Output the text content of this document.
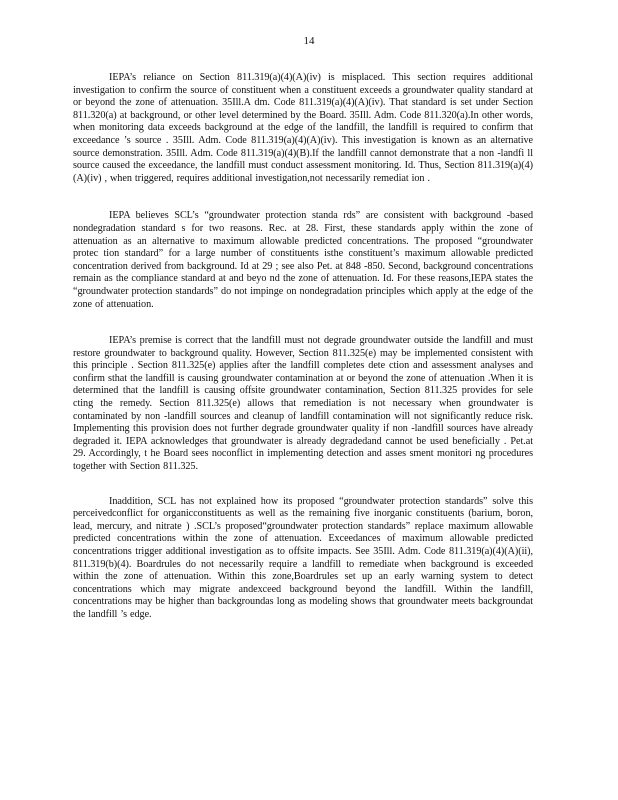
14

IEPA’s reliance on Section 811.319(a)(4)(A)(iv) is misplaced. This section requires additional investigation to confirm the source of constituent when a constituent exceeds a groundwater quality standard at or beyond the zone of attenuation. 35Ill.A dm. Code 811.319(a)(4)(A)(iv). That standard is set under Section 811.320(a) at background, or other level determined by the Board. 35Ill. Adm. Code 811.320(a).In other words, when monitoring data exceeds background at the edge of the landfill, the landfill is required to confirm that exceedance ’s source . 35Ill. Adm. Code 811.319(a)(4)(A)(iv). This investigation is known as an alternative source demonstration. 35Ill. Adm. Code 811.319(a)(4)(B).If the landfill cannot demonstrate that a non -landfi ll source caused the exceedance, the landfill must conduct assessment monitoring. Id. Thus, Section 811.319(a)(4)(A)(iv) , when triggered, requires additional investigation,not necessarily remediat ion .

IEPA believes SCL’s “groundwater protection standa rds” are consistent with background -based nondegradation standard s for two reasons. Rec. at 28. First, these standards apply within the zone of attenuation as an alternative to maximum allowable predicted concentrations. The proposed “groundwater protec tion standard” for a large number of constituents isthe constituent’s maximum allowable predicted concentration derived from background. Id at 29 ; see also Pet. at 848 -850. Second, background concentrations remain as the compliance standard at and beyo nd the zone of attenuation. Id. For these reasons,IEPA states the “groundwater protection standards” do not impinge on nondegradation principles which apply at the edge of the zone of attenuation.

IEPA’s premise is correct that the landfill must not degrade groundwater outside the landfill and must restore groundwater to background quality. However, Section 811.325(e) may be implemented consistent with this principle . Section 811.325(e) applies after the landfill completes dete ction and assessment analyses and confirm sthat the landfill is causing groundwater contamination at or beyond the zone of attenuation .When it is determined that the landfill is causing offsite groundwater contamination, Section 811.325 provides for sele cting the remedy. Section 811.325(e) allows that remediation is not necessary when groundwater is contaminated by non -landfill sources and cleanup of landfill contamination will not significantly reduce risk. Implementing this provision does not further degrade groundwater quality if non -landfill sources have already degraded it. IEPA acknowledges that groundwater is already degradedand cannot be used beneficially . Pet.at 29. Accordingly, t he Board sees noconflict in implementing detection and asses sment monitori ng procedures together with Section 811.325.

Inaddition, SCL has not explained how its proposed “groundwater protection standards” solve this perceivedconflict for organicconstituents as well as the remaining five inorganic constituents (barium, boron, lead, mercury, and nitrate ) .SCL’s proposed“groundwater protection standards” replace maximum allowable predicted concentrations within the zone of attenuation. Exceedances of maximum allowable predicted concentrations trigger additional investigation as to offsite impacts. See 35Ill. Adm. Code 811.319(a)(4)(A)(ii), 811.319(b)(4). Boardrules do not necessarily require a landfill to remediate when background is exceeded within the zone of attenuation. Within this zone,Boardrules set up an early warning system to detect concentrations which may migrate andexceed background beyond the landfill. Within the landfill, concentrations may be higher than backgroundas long as modeling shows that groundwater meets backgroundat the landfill ’s edge.
